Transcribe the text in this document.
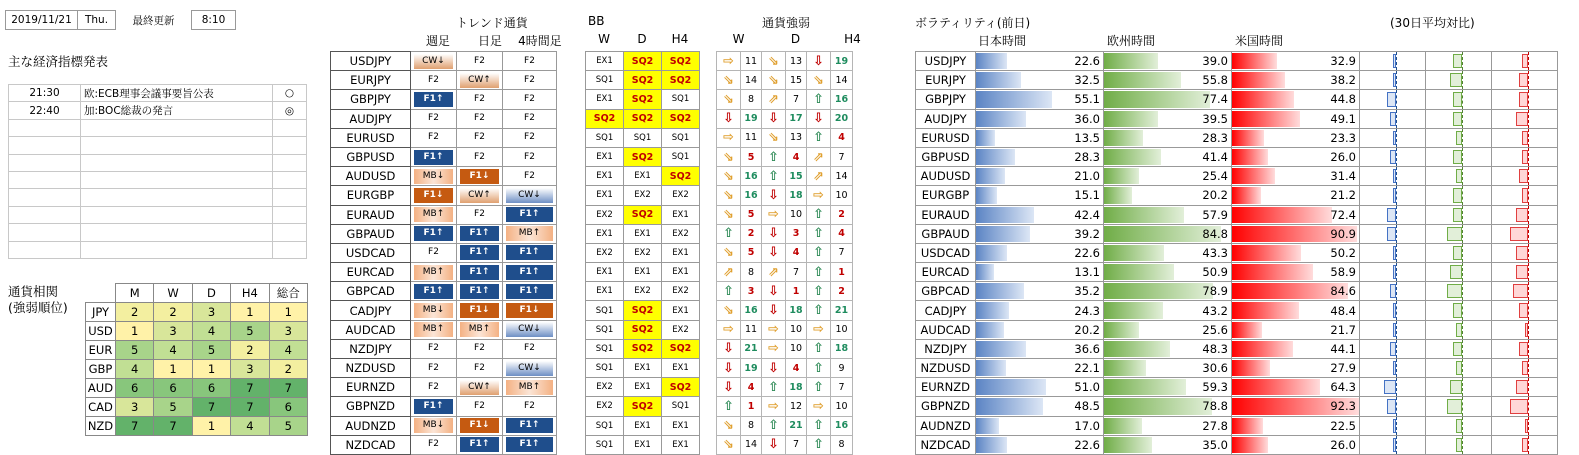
2019/11/21	Thu.	最終更新	8:10
主な経済指標発表
21:30	欧:ECB理事会議事要旨公表	○
22:40	加:BOC総裁の発言	◎

通貨相関
(強弱順位)
	M	W	D	H4	総合
JPY	2	2	3	1	1
USD	1	3	4	5	3
EUR	5	4	5	2	4
GBP	4	1	1	3	2
AUD	6	6	6	7	7
CAD	3	5	7	7	6
NZD	7	7	1	4	5
トレンド通貨
週足	日足	4時間足
USDJPY	CW↓	F2	F2

EURJPY	F2	CW↑	F2

GBPJPY	F1↑	F2	F2

AUDJPY	F2	F2	F2

EURUSD	F2	F2	F2

GBPUSD	F1↑	F2	F2

AUDUSD	MB↓	F1↓	F2

EURGBP	F1↓	CW↑	CW↓

EURAUD	MB↑	F2	F1↑

GBPAUD	F1↑	F1↑	MB↑

USDCAD	F2	F1↑	F1↑

EURCAD	MB↑	F1↑	F1↑

GBPCAD	F1↑	F1↑	F1↑

CADJPY	MB↓	F1↓	F1↓

AUDCAD	MB↑	MB↑	CW↓

NZDJPY	F2	F2	F2

NZDUSD	F2	F2	CW↓

EURNZD	F2	CW↑	MB↑

GBPNZD	F1↑	F2	F2

AUDNZD	MB↓	F1↓	F1↑

NZDCAD	F2	F1↑	F1↑
BB
W	D	H4
EX1	SQ2	SQ2
SQ1	SQ2	SQ2
EX1	SQ2	SQ1
SQ2	SQ2	SQ2
SQ1	SQ1	SQ1
EX1	SQ2	SQ1
EX1	EX1	SQ2
EX1	EX2	EX2
EX2	SQ2	EX1
EX1	EX1	EX2
EX2	EX2	EX1
EX1	EX1	EX1
EX1	EX2	EX2
SQ1	SQ2	EX1
SQ1	SQ2	EX2
SQ1	SQ2	SQ2
SQ1	EX1	EX1
EX2	EX1	SQ2
EX2	SQ2	SQ1
SQ1	EX1	EX1
SQ1	EX1	EX1
通貨強弱
W	D	H4
⇨	11	⇘	13	⇩	19
⇘	14	⇘	15	⇘	14
⇘	8	⇗	7	⇧	16
⇩	19	⇩	17	⇩	20
⇨	11	⇘	13	⇧	4
⇘	5	⇧	4	⇗	7
⇘	16	⇧	15	⇗	14
⇘	16	⇩	18	⇨	10
⇘	5	⇨	10	⇧	2
⇧	2	⇩	3	⇧	4
⇘	5	⇩	4	⇧	7
⇗	8	⇗	7	⇧	1
⇧	3	⇩	1	⇧	2
⇘	16	⇩	18	⇧	21
⇨	11	⇨	10	⇨	10
⇩	21	⇨	10	⇧	18
⇩	19	⇩	4	⇧	9
⇩	4	⇧	18	⇧	7
⇧	1	⇨	12	⇨	10
⇘	8	⇧	21	⇧	16
⇘	14	⇩	7	⇧	8
ボラティリティ(前日)	(30日平均対比)
日本時間	欧州時間	米国時間
USDJPY	22.6	39.0	32.9			

EURJPY	32.5	55.8	38.2			

GBPJPY	55.1	77.4	44.8			

AUDJPY	36.0	39.5	49.1			

EURUSD	13.5	28.3	23.3			

GBPUSD	28.3	41.4	26.0			

AUDUSD	21.0	25.4	31.4			

EURGBP	15.1	20.2	21.2			

EURAUD	42.4	57.9	72.4			

GBPAUD	39.2	84.8	90.9			

USDCAD	22.6	43.3	50.2			

EURCAD	13.1	50.9	58.9			

GBPCAD	35.2	78.9	84.6			

CADJPY	24.3	43.2	48.4			

AUDCAD	20.2	25.6	21.7			

NZDJPY	36.6	48.3	44.1			

NZDUSD	22.1	30.6	27.9			

EURNZD	51.0	59.3	64.3			

GBPNZD	48.5	78.8	92.3			

AUDNZD	17.0	27.8	22.5			

NZDCAD	22.6	35.0	26.0			
